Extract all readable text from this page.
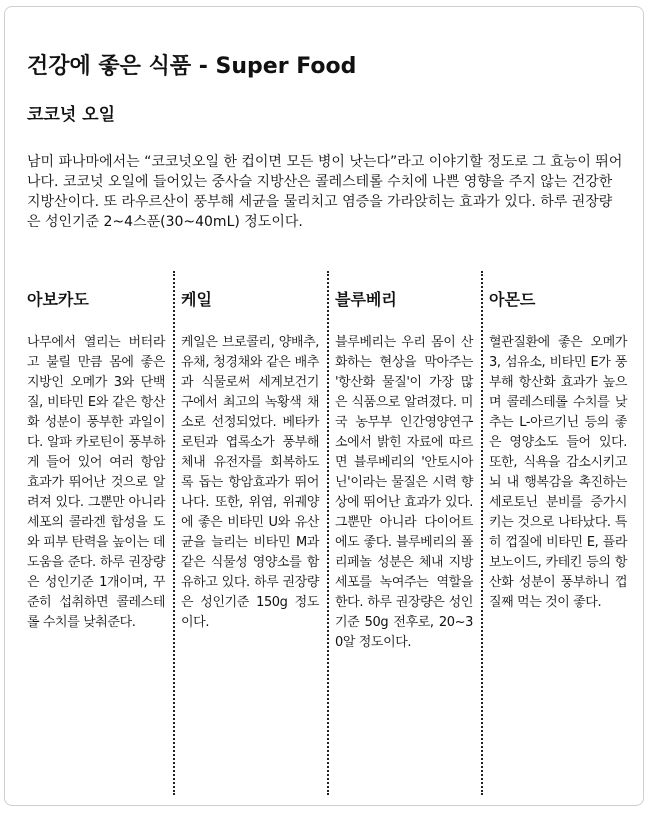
건강에 좋은 식품 - Super Food
코코넛 오일

남미 파나마에서는 “코코넛오일 한 컵이면 모든 병이 낫는다”라고 이야기할 정도로 그 효능이 뛰어나다. 코코넛 오일에 들어있는 중사슬 지방산은 콜레스테롤 수치에 나쁜 영향을 주지 않는 건강한 지방산이다. 또 라우르산이 풍부해 세균을 물리치고 염증을 가라앉히는 효과가 있다. 하루 권장량은 성인기준 2~4스푼(30~40mL) 정도이다.

아보카도

나무에서 열리는 버터라고 불릴 만큼 몸에 좋은 지방인 오메가 3와 단백질, 비타민 E와 같은 항산화 성분이 풍부한 과일이다. 알파 카로틴이 풍부하게 들어 있어 여러 항암 효과가 뛰어난 것으로 알려져 있다. 그뿐만 아니라 세포의 콜라겐 합성을 도와 피부 탄력을 높이는 데 도움을 준다. 하루 권장량은 성인기준 1개이며, 꾸준히 섭취하면 콜레스테롤 수치를 낮춰준다.

케일

케일은 브로콜리, 양배추, 유채, 청경채와 같은 배추과 식물로써 세계보건기구에서 최고의 녹황색 채소로 선정되었다. 베타카로틴과 엽록소가 풍부해 체내 유전자를 회복하도록 돕는 항암효과가 뛰어나다. 또한, 위염, 위궤양에 좋은 비타민 U와 유산균을 늘리는 비타민 M과 같은 식물성 영양소를 함유하고 있다. 하루 권장량은 성인기준 150g 정도이다.

블루베리

블루베리는 우리 몸이 산화하는 현상을 막아주는 '항산화 물질'이 가장 많은 식품으로 알려졌다. 미국 농무부 인간영양연구소에서 밝힌 자료에 따르면 블루베리의 '안토시아닌'이라는 물질은 시력 향상에 뛰어난 효과가 있다. 그뿐만 아니라 다이어트에도 좋다. 블루베리의 폴리페놀 성분은 체내 지방세포를 녹여주는 역할을 한다. 하루 권장량은 성인기준 50g 전후로, 20~30알 정도이다.

아몬드

혈관질환에 좋은 오메가3, 섬유소, 비타민 E가 풍부해 항산화 효과가 높으며 콜레스테롤 수치를 낮추는 L-아르기닌 등의 좋은 영양소도 들어 있다. 또한, 식욕을 감소시키고 뇌 내 행복감을 촉진하는 세로토닌 분비를 증가시키는 것으로 나타났다. 특히 껍질에 비타민 E, 플라보노이드, 카테킨 등의 항산화 성분이 풍부하니 껍질째 먹는 것이 좋다.
